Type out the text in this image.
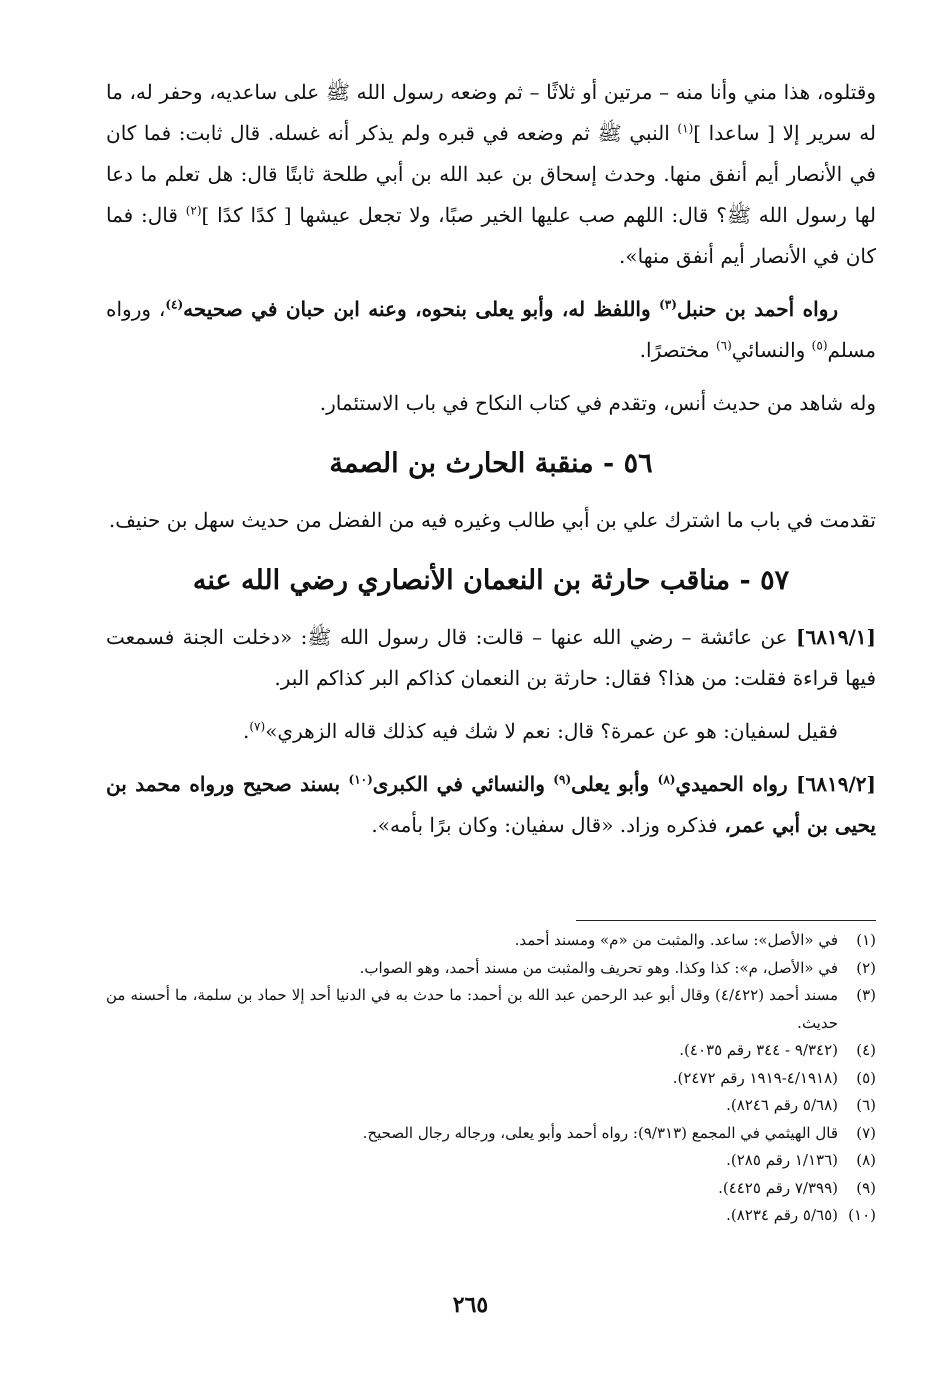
وقتلوه، هذا مني وأنا منه – مرتين أو ثلاثًا – ثم وضعه رسول الله ﷺ على ساعديه، وحفر له، ما له سرير إلا [ ساعدا ]$^{(١)}$ النبي ﷺ ثم وضعه في قبره ولم يذكر أنه غسله. قال ثابت: فما كان في الأنصار أيم أنفق منها. وحدث إسحاق بن عبد الله بن أبي طلحة ثابتًا قال: هل تعلم ما دعا لها رسول الله ﷺ؟ قال: اللهم صب عليها الخير صبًا، ولا تجعل عيشها [ كدًا كدًا ]$^{(٢)}$ قال: فما كان في الأنصار أيم أنفق منها».

رواه أحمد بن حنبل$^{(٣)}$ واللفظ له، وأبو يعلى بنحوه، وعنه ابن حبان في صحيحه$^{(٤)}$، ورواه مسلم$^{(٥)}$ والنسائي$^{(٦)}$ مختصرًا.

وله شاهد من حديث أنس، وتقدم في كتاب النكاح في باب الاستئمار.

٥٦ - منقبة الحارث بن الصمة

تقدمت في باب ما اشترك علي بن أبي طالب وغيره فيه من الفضل من حديث سهل بن حنيف.

٥٧ - مناقب حارثة بن النعمان الأنصاري رضي الله عنه

[٦٨١٩/١] عن عائشة – رضي الله عنها – قالت: قال رسول الله ﷺ: «دخلت الجنة فسمعت فيها قراءة فقلت: من هذا؟ فقال: حارثة بن النعمان كذاكم البر كذاكم البر.

فقيل لسفيان: هو عن عمرة؟ قال: نعم لا شك فيه كذلك قاله الزهري»$^{(٧)}$.

[٦٨١٩/٢] رواه الحميدي$^{(٨)}$ وأبو يعلى$^{(٩)}$ والنسائي في الكبرى$^{(١٠)}$ بسند صحيح ورواه محمد بن يحيى بن أبي عمر، فذكره وزاد. «قال سفيان: وكان برًا بأمه».

(١)
في «الأصل»: ساعد. والمثبت من «م» ومسند أحمد.
(٢)
في «الأصل، م»: كذا وكذا. وهو تحريف والمثبت من مسند أحمد، وهو الصواب.
(٣)
مسند أحمد (٤/٤٢٢) وقال أبو عبد الرحمن عبد الله بن أحمد: ما حدث به في الدنيا أحد إلا حماد بن سلمة، ما أحسنه من حديث.
(٤)
(٩/٣٤٢ - ٣٤٤ رقم ٤٠٣٥).
(٥)
(٤/١٩١٨-١٩١٩ رقم ٢٤٧٢).
(٦)
(٥/٦٨ رقم ٨٢٤٦).
(٧)
قال الهيثمي في المجمع (٩/٣١٣): رواه أحمد وأبو يعلى، ورجاله رجال الصحيح.
(٨)
(١/١٣٦ رقم ٢٨٥).
(٩)
(٧/٣٩٩ رقم ٤٤٢٥).
(١٠)
(٥/٦٥ رقم ٨٢٣٤).
٢٦٥
